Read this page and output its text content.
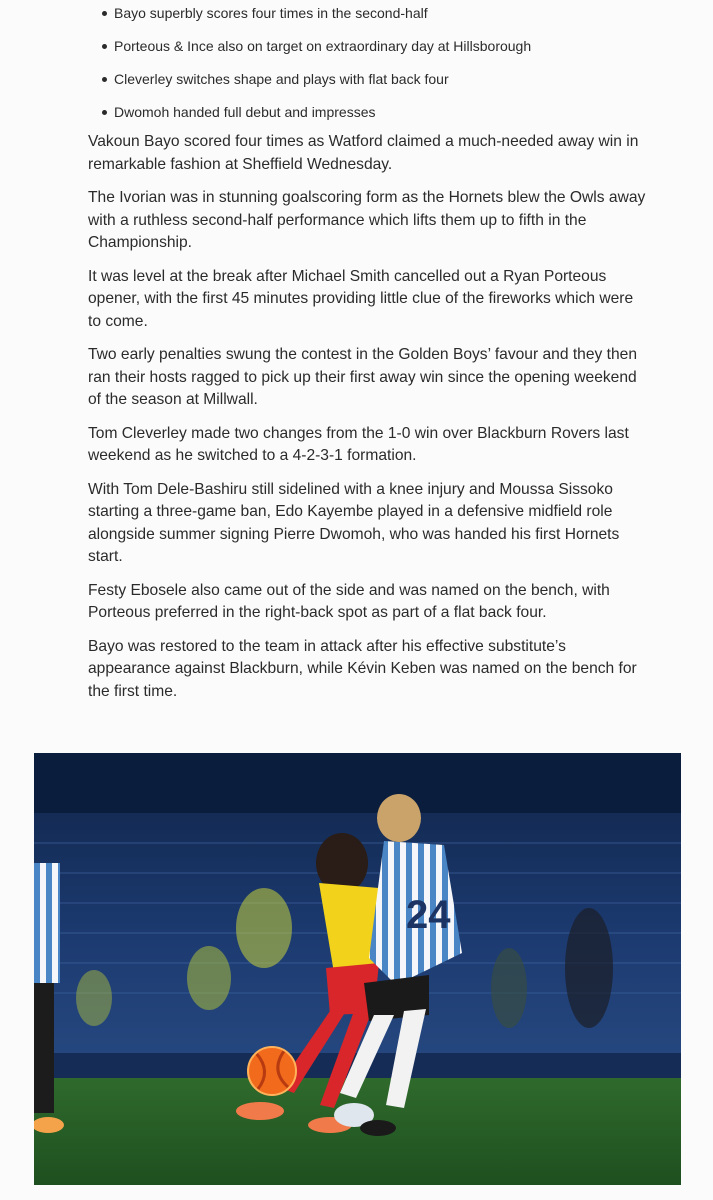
Bayo superbly scores four times in the second-half
Porteous & Ince also on target on extraordinary day at Hillsborough
Cleverley switches shape and plays with flat back four
Dwomoh handed full debut and impresses

Vakoun Bayo scored four times as Watford claimed a much-needed away win in remarkable fashion at Sheffield Wednesday.

The Ivorian was in stunning goalscoring form as the Hornets blew the Owls away with a ruthless second-half performance which lifts them up to fifth in the Championship.

It was level at the break after Michael Smith cancelled out a Ryan Porteous opener, with the first 45 minutes providing little clue of the fireworks which were to come.

Two early penalties swung the contest in the Golden Boys’ favour and they then ran their hosts ragged to pick up their first away win since the opening weekend of the season at Millwall.

Tom Cleverley made two changes from the 1-0 win over Blackburn Rovers last weekend as he switched to a 4-2-3-1 formation.

With Tom Dele-Bashiru still sidelined with a knee injury and Moussa Sissoko starting a three-game ban, Edo Kayembe played in a defensive midfield role alongside summer signing Pierre Dwomoh, who was handed his first Hornets start.

Festy Ebosele also came out of the side and was named on the bench, with Porteous preferred in the right-back spot as part of a flat back four.

Bayo was restored to the team in attack after his effective substitute’s appearance against Blackburn, while Kévin Keben was named on the bench for the first time.

24
